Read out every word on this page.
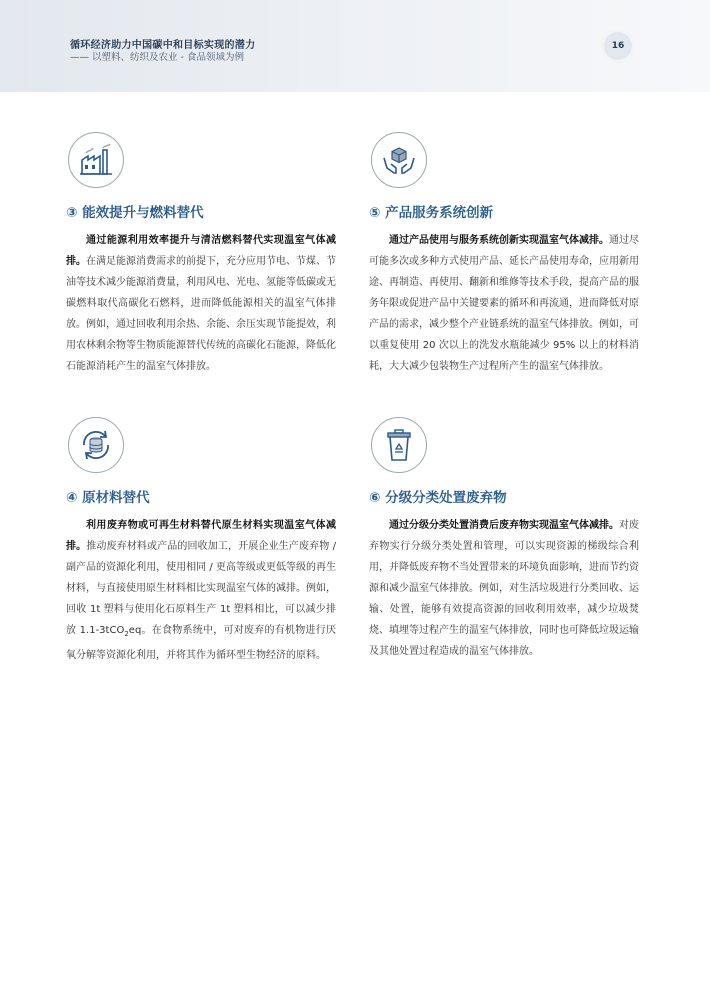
循环经济助力中国碳中和目标实现的潜力
—— 以塑料、纺织及农业 - 食品领域为例
16
③ 能效提升与燃料替代
通过能源利用效率提升与清洁燃料替代实现温室气体减排。在满足能源消费需求的前提下，充分应用节电、节煤、节油等技术减少能源消费量，利用风电、光电、氢能等低碳或无碳燃料取代高碳化石燃料，进而降低能源相关的温室气体排放。例如，通过回收利用余热、余能、余压实现节能提效，利用农林剩余物等生物质能源替代传统的高碳化石能源，降低化石能源消耗产生的温室气体排放。
⑤ 产品服务系统创新
通过产品使用与服务系统创新实现温室气体减排。通过尽可能多次或多种方式使用产品、延长产品使用寿命，应用新用途、再制造、再使用、翻新和维修等技术手段，提高产品的服务年限或促进产品中关键要素的循环和再流通，进而降低对原产品的需求，减少整个产业链系统的温室气体排放。例如，可以重复使用 20 次以上的洗发水瓶能减少 95% 以上的材料消耗，大大减少包装物生产过程所产生的温室气体排放。
④ 原材料替代
利用废弃物或可再生材料替代原生材料实现温室气体减排。推动废弃材料或产品的回收加工，开展企业生产废弃物 / 副产品的资源化利用，使用相同 / 更高等级或更低等级的再生材料，与直接使用原生材料相比实现温室气体的减排。例如，回收 1t 塑料与使用化石原料生产 1t 塑料相比，可以减少排放 1.1-3tCO$_2$eq。在食物系统中，可对废弃的有机物进行厌氧分解等资源化利用，并将其作为循环型生物经济的原料。
⑥ 分级分类处置废弃物
通过分级分类处置消费后废弃物实现温室气体减排。对废弃物实行分级分类处置和管理，可以实现资源的梯级综合利用，并降低废弃物不当处置带来的环境负面影响，进而节约资源和减少温室气体排放。例如，对生活垃圾进行分类回收、运输、处置，能够有效提高资源的回收利用效率，减少垃圾焚烧、填埋等过程产生的温室气体排放，同时也可降低垃圾运输及其他处置过程造成的温室气体排放。
